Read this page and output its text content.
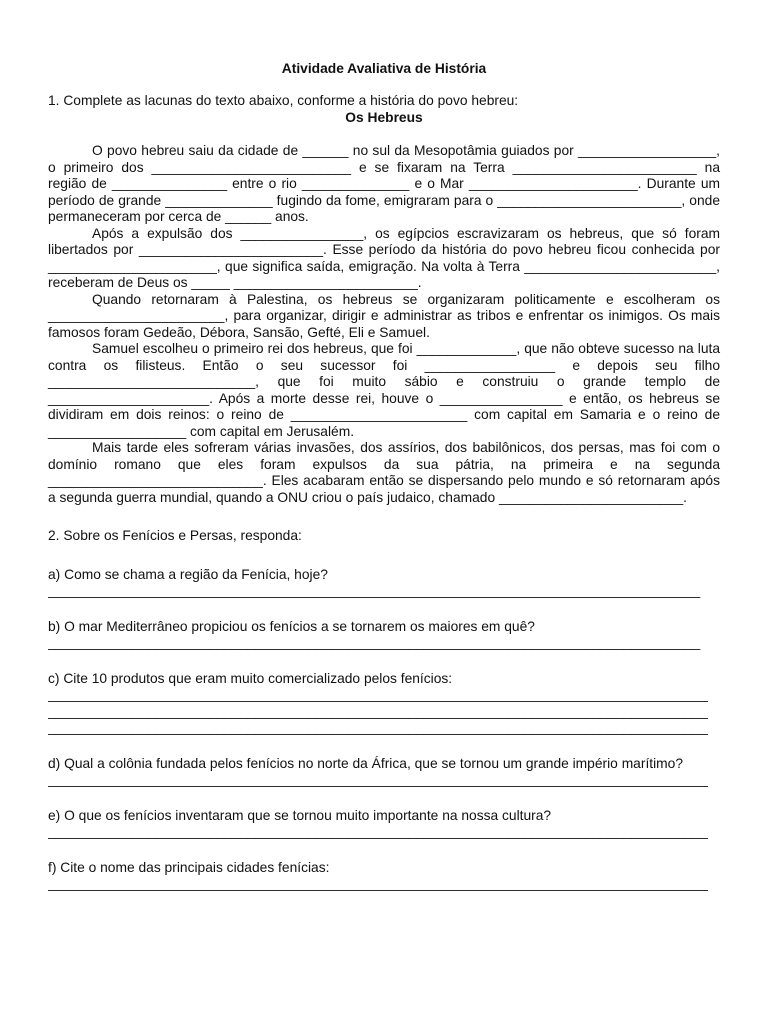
Atividade Avaliativa de História
1. Complete as lacunas do texto abaixo, conforme a história do povo hebreu:
Os Hebreus
O povo hebreu saiu da cidade de ______ no sul da Mesopotâmia guiados por __________________, o primeiro dos __________________________ e se fixaram na Terra ________________________ na região de _______________ entre o rio ______________ e o Mar ______________________. Durante um período de grande ______________ fugindo da fome, emigraram para o ________________________, onde permaneceram por cerca de ______ anos.
Após a expulsão dos ________________, os egípcios escravizaram os hebreus, que só foram libertados por ________________________. Esse período da história do povo hebreu ficou conhecida por ______________________, que significa saída, emigração. Na volta à Terra _________________________, receberam de Deus os _____ ________________________.
Quando retornaram à Palestina, os hebreus se organizaram politicamente e escolheram os _______________________, para organizar, dirigir e administrar as tribos e enfrentar os inimigos. Os mais famosos foram Gedeão, Débora, Sansão, Gefté, Eli e Samuel.
Samuel escolheu o primeiro rei dos hebreus, que foi _____________, que não obteve sucesso na luta contra os filisteus. Então o seu sucessor foi _________________ e depois seu filho ___________________________, que foi muito sábio e construiu o grande templo de _____________________. Após a morte desse rei, houve o ________________ e então, os hebreus se dividiram em dois reinos: o reino de _______________________ com capital em Samaria e o reino de __________________ com capital em Jerusalém.
Mais tarde eles sofreram várias invasões, dos assírios, dos babilônicos, dos persas, mas foi com o domínio romano que eles foram expulsos da sua pátria, na primeira e na segunda ____________________________. Eles acabaram então se dispersando pelo mundo e só retornaram após a segunda guerra mundial, quando a ONU criou o país judaico, chamado ________________________.
2. Sobre os Fenícios e Persas, responda:
a) Como se chama a região da Fenícia, hoje?
_____________________________________________________________________________________
b) O mar Mediterrâneo propiciou os fenícios a se tornarem os maiores em quê?
_____________________________________________________________________________________
c) Cite 10 produtos que eram muito comercializado pelos fenícios:
______________________________________________________________________________________
______________________________________________________________________________________
______________________________________________________________________________________
d) Qual a colônia fundada pelos fenícios no norte da África, que se tornou um grande império marítimo?
______________________________________________________________________________________
e) O que os fenícios inventaram que se tornou muito importante na nossa cultura?
______________________________________________________________________________________
f) Cite o nome das principais cidades fenícias:
______________________________________________________________________________________
